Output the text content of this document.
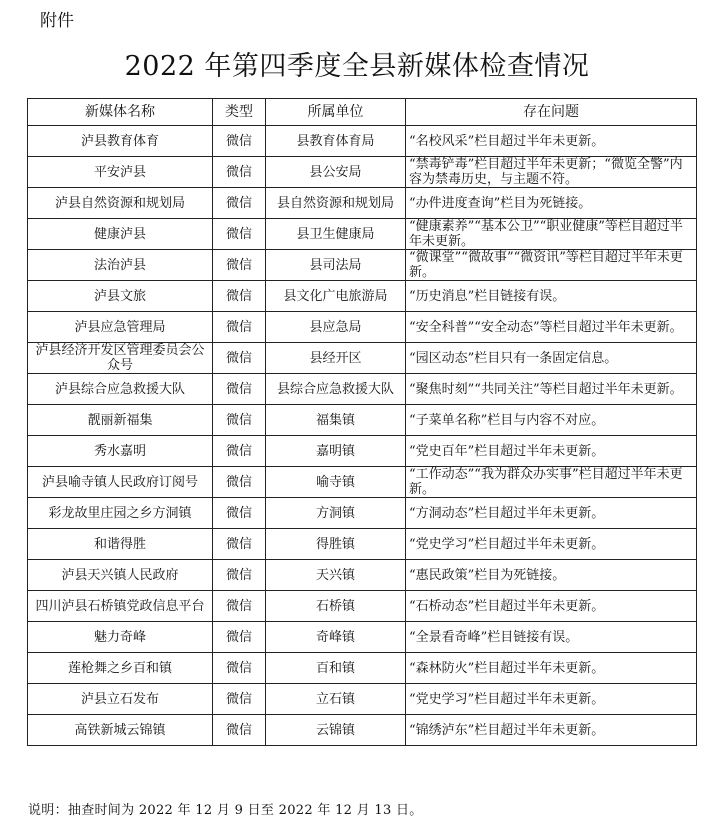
附件
2022 年第四季度全县新媒体检查情况
新媒体名称	类型	所属单位	存在问题
泸县教育体育	微信	县教育体育局	“名校风采”栏目超过半年未更新。
平安泸县	微信	县公安局	“禁毒铲毒”栏目超过半年未更新；“微览全警”内容为禁毒历史，与主题不符。
泸县自然资源和规划局	微信	县自然资源和规划局	“办件进度查询”栏目为死链接。
健康泸县	微信	县卫生健康局	“健康素养”“基本公卫”“职业健康”等栏目超过半年未更新。
法治泸县	微信	县司法局	“微课堂”“微故事”“微资讯”等栏目超过半年未更新。
泸县文旅	微信	县文化广电旅游局	“历史消息”栏目链接有误。
泸县应急管理局	微信	县应急局	“安全科普”“安全动态”等栏目超过半年未更新。
泸县经济开发区管理委员会公众号	微信	县经开区	“园区动态”栏目只有一条固定信息。
泸县综合应急救援大队	微信	县综合应急救援大队	“聚焦时刻”“共同关注”等栏目超过半年未更新。
靓丽新福集	微信	福集镇	“子菜单名称”栏目与内容不对应。
秀水嘉明	微信	嘉明镇	“党史百年”栏目超过半年未更新。
泸县喻寺镇人民政府订阅号	微信	喻寺镇	“工作动态”“我为群众办实事”栏目超过半年未更新。
彩龙故里庄园之乡方洞镇	微信	方洞镇	“方洞动态”栏目超过半年未更新。
和谐得胜	微信	得胜镇	“党史学习”栏目超过半年未更新。
泸县天兴镇人民政府	微信	天兴镇	“惠民政策”栏目为死链接。
四川泸县石桥镇党政信息平台	微信	石桥镇	“石桥动态”栏目超过半年未更新。
魅力奇峰	微信	奇峰镇	“全景看奇峰”栏目链接有误。
莲枪舞之乡百和镇	微信	百和镇	“森林防火”栏目超过半年未更新。
泸县立石发布	微信	立石镇	“党史学习”栏目超过半年未更新。
高铁新城云锦镇	微信	云锦镇	“锦绣泸东”栏目超过半年未更新。
说明：抽查时间为 2022 年 12 月 9 日至 2022 年 12 月 13 日。
